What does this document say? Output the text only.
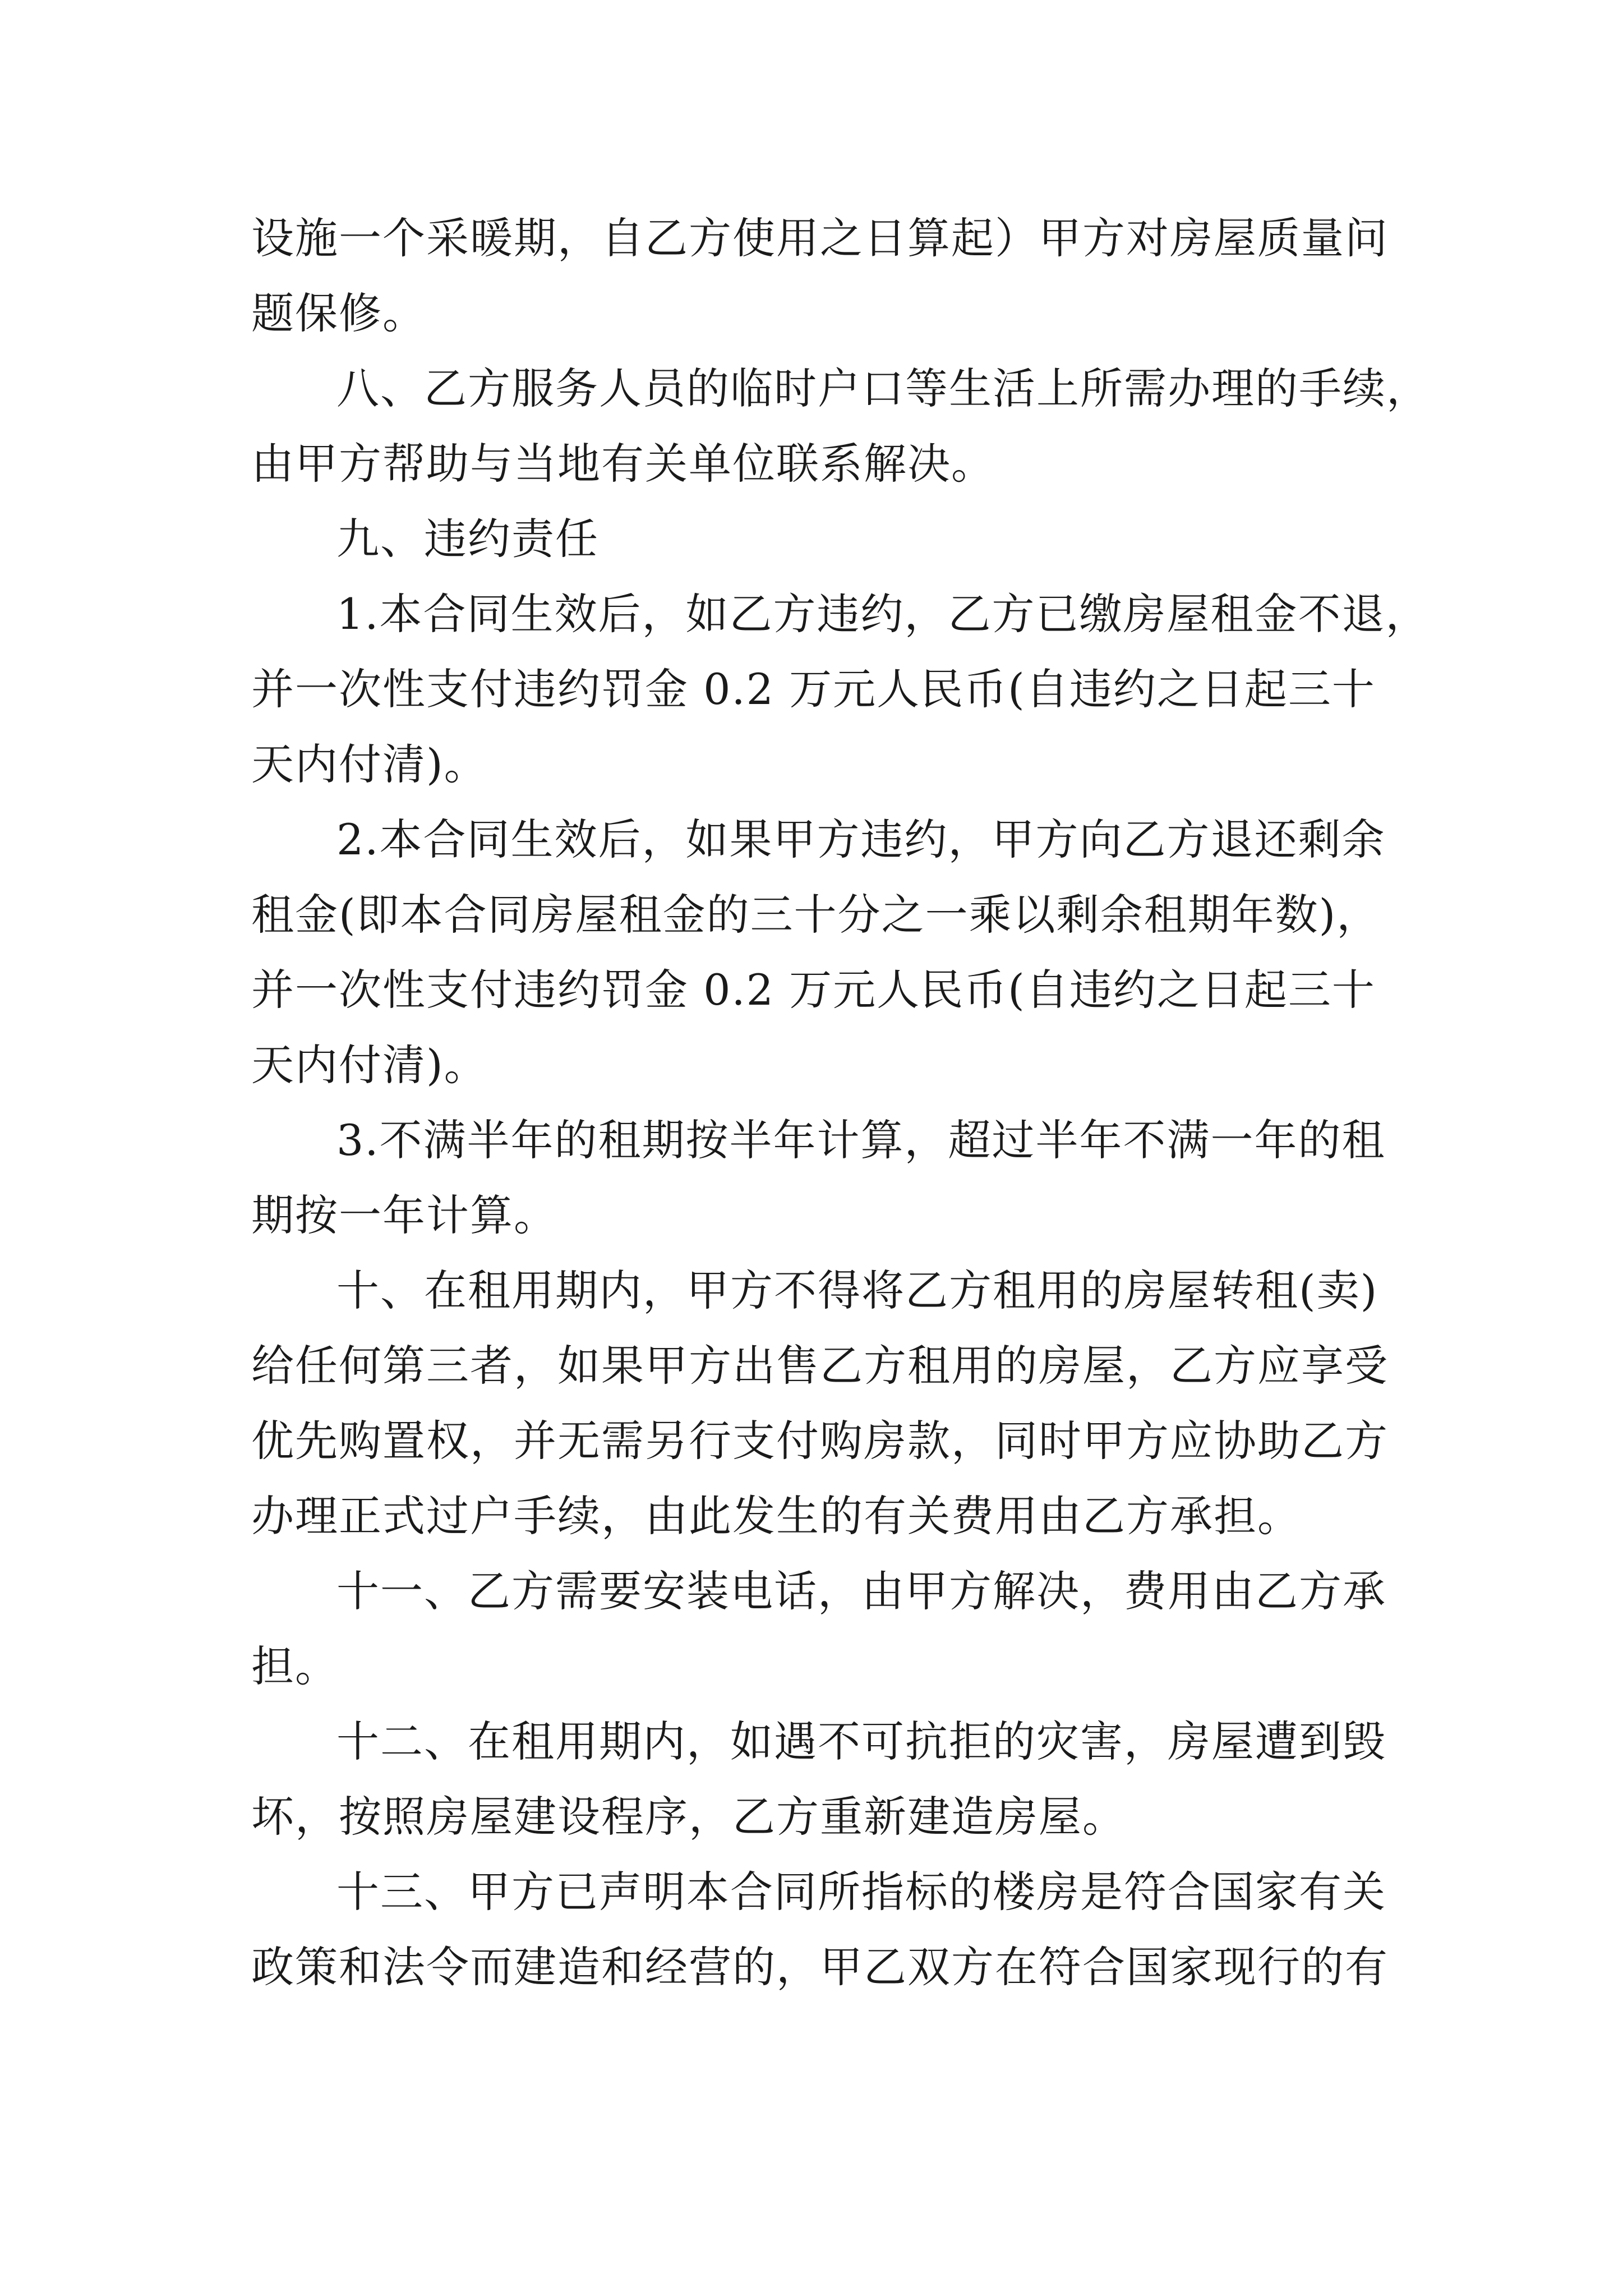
设施一个采暖期，自乙方使用之日算起）甲方对房屋质量问
题保修。
八、乙方服务人员的临时户口等生活上所需办理的手续，
由甲方帮助与当地有关单位联系解决。
九、违约责任
1.本合同生效后，如乙方违约，乙方已缴房屋租金不退，
并一次性支付违约罚金 0.2 万元人民币(自违约之日起三十
天内付清)。
2.本合同生效后，如果甲方违约，甲方向乙方退还剩余
租金(即本合同房屋租金的三十分之一乘以剩余租期年数)，
并一次性支付违约罚金 0.2 万元人民币(自违约之日起三十
天内付清)。
3.不满半年的租期按半年计算，超过半年不满一年的租
期按一年计算。
十、在租用期内，甲方不得将乙方租用的房屋转租(卖)
给任何第三者，如果甲方出售乙方租用的房屋，乙方应享受
优先购置权，并无需另行支付购房款，同时甲方应协助乙方
办理正式过户手续，由此发生的有关费用由乙方承担。
十一、乙方需要安装电话，由甲方解决，费用由乙方承
担。
十二、在租用期内，如遇不可抗拒的灾害，房屋遭到毁
坏，按照房屋建设程序，乙方重新建造房屋。
十三、甲方已声明本合同所指标的楼房是符合国家有关
政策和法令而建造和经营的，甲乙双方在符合国家现行的有
